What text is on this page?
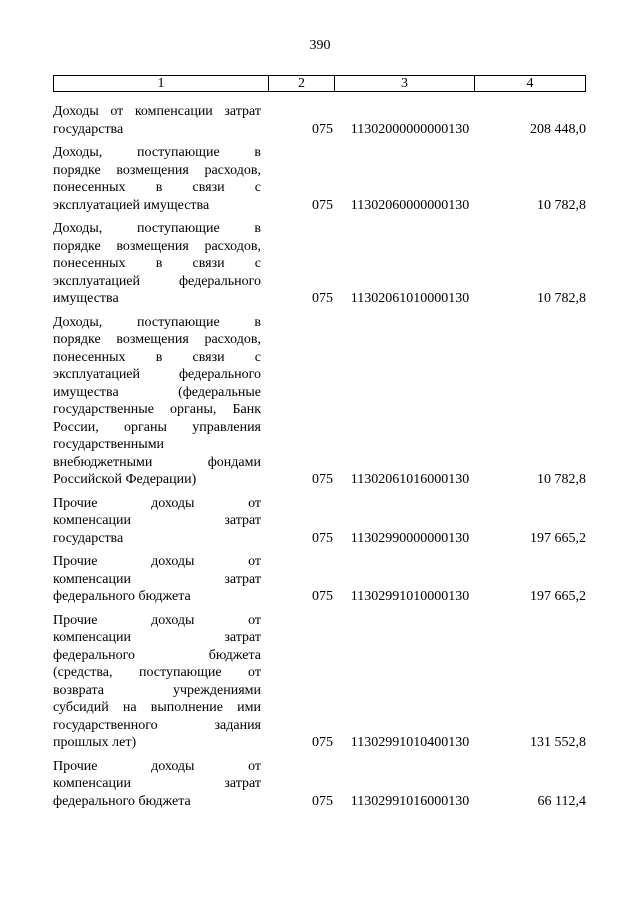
390
1	2	3	4
Доходы от компенсации затрат
государства	075	11302000000000130	208 448,0
Доходы, поступающие в
порядке возмещения расходов,
понесенных в связи с
эксплуатацией имущества	075	11302060000000130	10 782,8
Доходы, поступающие в
порядке возмещения расходов,
понесенных в связи с
эксплуатацией федерального
имущества	075	11302061010000130	10 782,8
Доходы, поступающие в
порядке возмещения расходов,
понесенных в связи с
эксплуатацией федерального
имущества (федеральные
государственные органы, Банк
России, органы управления
государственными
внебюджетными фондами
Российской Федерации)	075	11302061016000130	10 782,8
Прочие доходы от
компенсации затрат
государства	075	11302990000000130	197 665,2
Прочие доходы от
компенсации затрат
федерального бюджета	075	11302991010000130	197 665,2
Прочие доходы от
компенсации затрат
федерального бюджета
(средства, поступающие от
возврата учреждениями
субсидий на выполнение ими
государственного задания
прошлых лет)	075	11302991010400130	131 552,8
Прочие доходы от
компенсации затрат
федерального бюджета	075	11302991016000130	66 112,4
